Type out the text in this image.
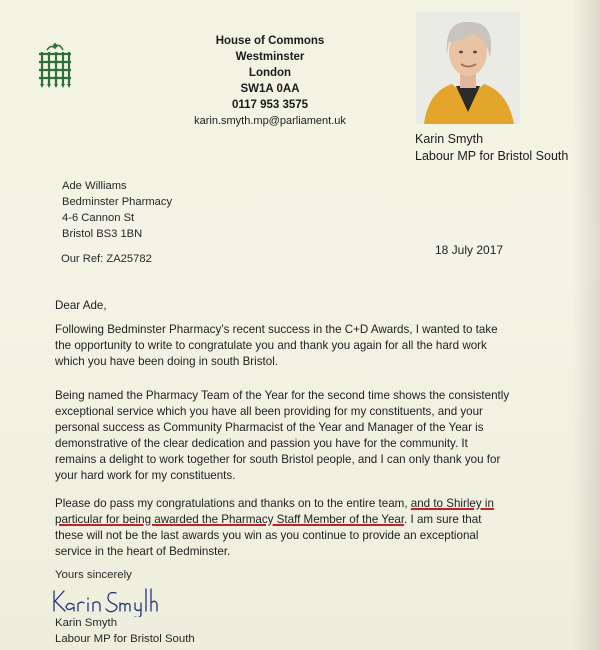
House of Commons
Westminster
London
SW1A 0AA
0117 953 3575
karin.smyth.mp@parliament.uk
Karin Smyth
Labour MP for Bristol South
Ade Williams
Bedminster Pharmacy
4-6 Cannon St
Bristol BS3 1BN
Our Ref: ZA25782
18 July 2017
Dear Ade,
Following Bedminster Pharmacy’s recent success in the C+D Awards, I wanted to take the opportunity to write to congratulate you and thank you again for all the hard work which you have been doing in south Bristol.
Being named the Pharmacy Team of the Year for the second time shows the consistently exceptional service which you have all been providing for my constituents, and your personal success as Community Pharmacist of the Year and Manager of the Year is demonstrative of the clear dedication and passion you have for the community. It remains a delight to work together for south Bristol people, and I can only thank you for your hard work for my constituents.
Please do pass my congratulations and thanks on to the entire team, and to Shirley in particular for being awarded the Pharmacy Staff Member of the Year. I am sure that these will not be the last awards you win as you continue to provide an exceptional service in the heart of Bedminster.
Yours sincerely
Karin Smyth
Labour MP for Bristol South
